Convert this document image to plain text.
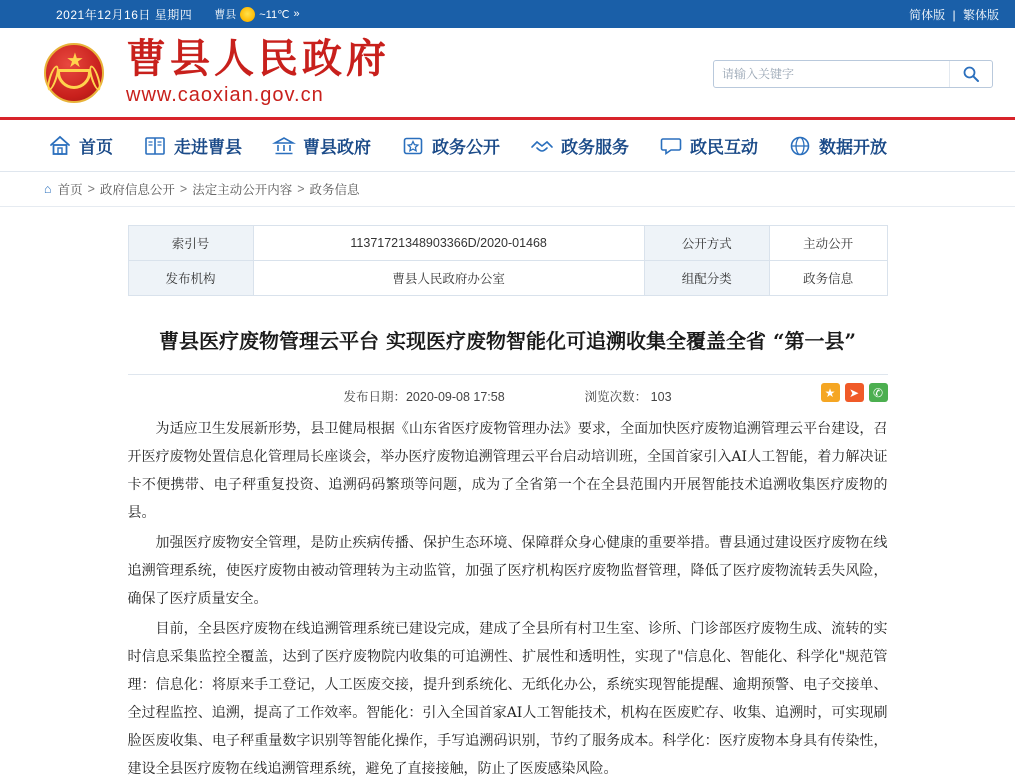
2021年12月16日 星期四 曹县 ~11℃ »	简体版 | 繁体版
★ 曹县人民政府
www.caoxian.gov.cn
请输入关键字
首页	走进曹县	曹县政府	政务公开	政务服务	政民互动	数据开放
⌂ 首页 > 政府信息公开 > 法定主动公开内容 > 政务信息
索引号	11371721348903366D/2020-01468	公开方式	主动公开
发布机构	曹县人民政府办公室	组配分类	政务信息
曹县医疗废物管理云平台 实现医疗废物智能化可追溯收集全覆盖全省 “第一县”
发布日期：2020-09-08 17:58	浏览次数： 103	★	➤	✆

为适应卫生发展新形势，县卫健局根据《山东省医疗废物管理办法》要求，全面加快医疗废物追溯管理云平台建设，召开医疗废物处置信息化管理局长座谈会，举办医疗废物追溯管理云平台启动培训班，全国首家引入AI人工智能，着力解决证卡不便携带、电子秤重复投资、追溯码码繁琐等问题，成为了全省第一个在全县范围内开展智能技术追溯收集医疗废物的县。

加强医疗废物安全管理，是防止疾病传播、保护生态环境、保障群众身心健康的重要举措。曹县通过建设医疗废物在线追溯管理系统，使医疗废物由被动管理转为主动监管，加强了医疗机构医疗废物监督管理，降低了医疗废物流转丢失风险，确保了医疗质量安全。

目前，全县医疗废物在线追溯管理系统已建设完成，建成了全县所有村卫生室、诊所、门诊部医疗废物生成、流转的实时信息采集监控全覆盖，达到了医疗废物院内收集的可追溯性、扩展性和透明性，实现了"信息化、智能化、科学化"规范管理：信息化：将原来手工登记，人工医废交接，提升到系统化、无纸化办公，系统实现智能提醒、逾期预警、电子交接单、全过程监控、追溯，提高了工作效率。智能化：引入全国首家AI人工智能技术，机构在医废贮存、收集、追溯时，可实现刷脸医废收集、电子秤重量数字识别等智能化操作，手写追溯码识别，节约了服务成本。科学化：医疗废物本身具有传染性，建设全县医疗废物在线追溯管理系统，避免了直接接触，防止了医废感染风险。
